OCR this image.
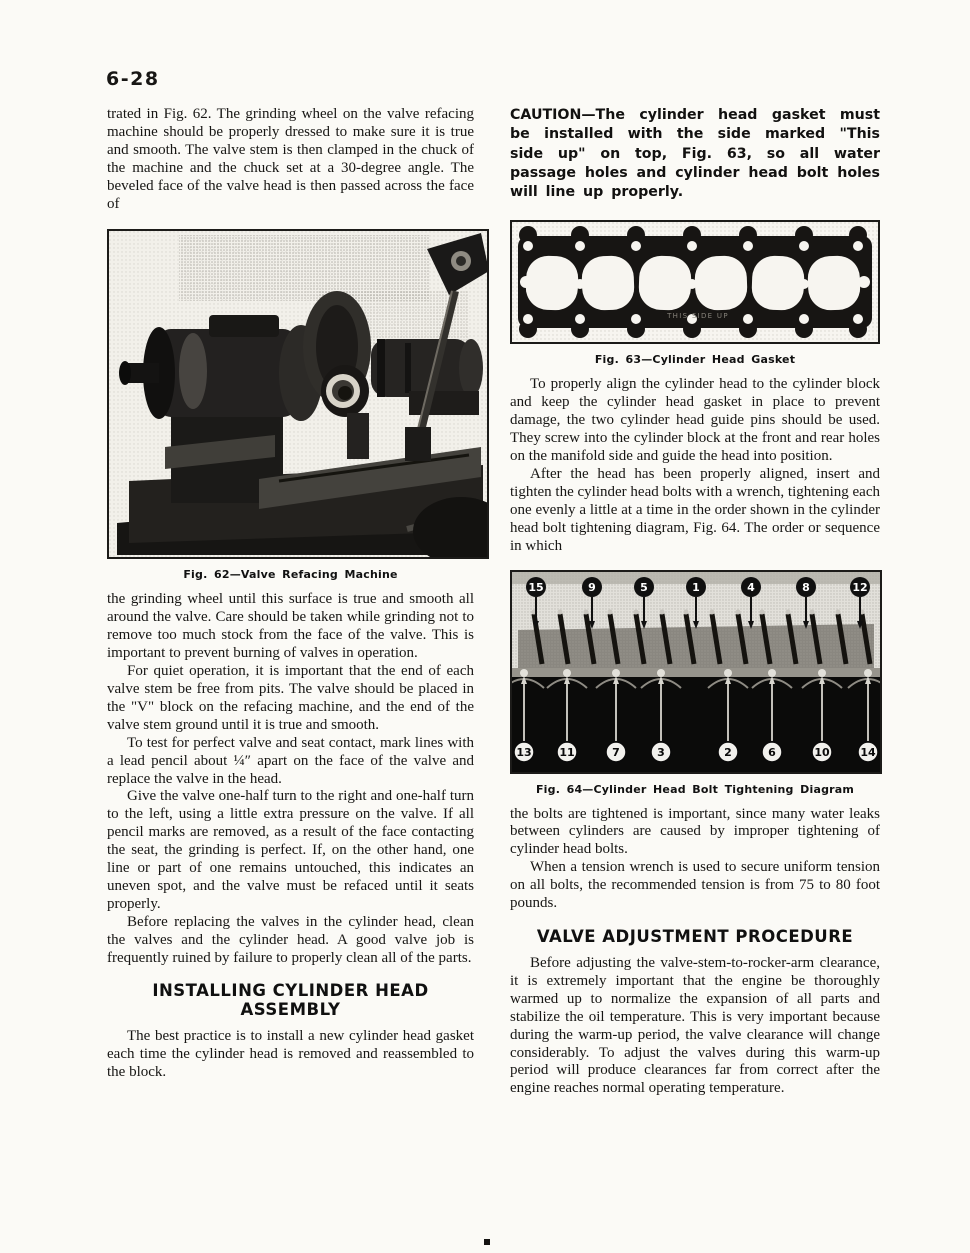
6-28

trated in Fig. 62. The grinding wheel on the valve refacing machine should be properly dressed to make sure it is true and smooth. The valve stem is then clamped in the chuck of the machine and the chuck set at a 30-degree angle. The beveled face of the valve head is then passed across the face of

Fig. 62—Valve Refacing Machine

the grinding wheel until this surface is true and smooth all around the valve. Care should be taken while grinding not to remove too much stock from the face of the valve. This is important to prevent burning of valves in operation.

For quiet operation, it is important that the end of each valve stem be free from pits. The valve should be placed in the "V" block on the refacing machine, and the end of the valve stem ground until it is true and smooth.

To test for perfect valve and seat contact, mark lines with a lead pencil about ¼″ apart on the face of the valve and replace the valve in the head.

Give the valve one-half turn to the right and one-half turn to the left, using a little extra pressure on the valve. If all pencil marks are removed, as a result of the face contacting the seat, the grinding is perfect. If, on the other hand, one line or part of one remains untouched, this indicates an uneven spot, and the valve must be refaced until it seats properly.

Before replacing the valves in the cylinder head, clean the valves and the cylinder head. A good valve job is frequently ruined by failure to properly clean all of the parts.

INSTALLING CYLINDER HEAD ASSEMBLY

The best practice is to install a new cylinder head gasket each time the cylinder head is removed and reassembled to the block.

CAUTION—The cylinder head gasket must be installed with the side marked "This side up" on top, Fig. 63, so all water passage holes and cylinder head bolt holes will line up properly.

THIS SIDE UP
Fig. 63—Cylinder Head Gasket

To properly align the cylinder head to the cylinder block and keep the cylinder head gasket in place to prevent damage, the two cylinder head guide pins should be used. They screw into the cylinder block at the front and rear holes on the manifold side and guide the head into position.

After the head has been properly aligned, insert and tighten the cylinder head bolts with a wrench, tightening each one evenly a little at a time in the order shown in the cylinder head bolt tightening diagram, Fig. 64. The order or sequence in which

15	9	5	1	4	8	12
13	11	7	3	2	6	10	14
Fig. 64—Cylinder Head Bolt Tightening Diagram

the bolts are tightened is important, since many water leaks between cylinders are caused by improper tightening of cylinder head bolts.

When a tension wrench is used to secure uniform tension on all bolts, the recommended tension is from 75 to 80 foot pounds.

VALVE ADJUSTMENT PROCEDURE

Before adjusting the valve-stem-to-rocker-arm clearance, it is extremely important that the engine be thoroughly warmed up to normalize the expansion of all parts and stabilize the oil temperature. This is very important because during the warm-up period, the valve clearance will change considerably. To adjust the valves during this warm-up period will produce clearances far from correct after the engine reaches normal operating temperature.
